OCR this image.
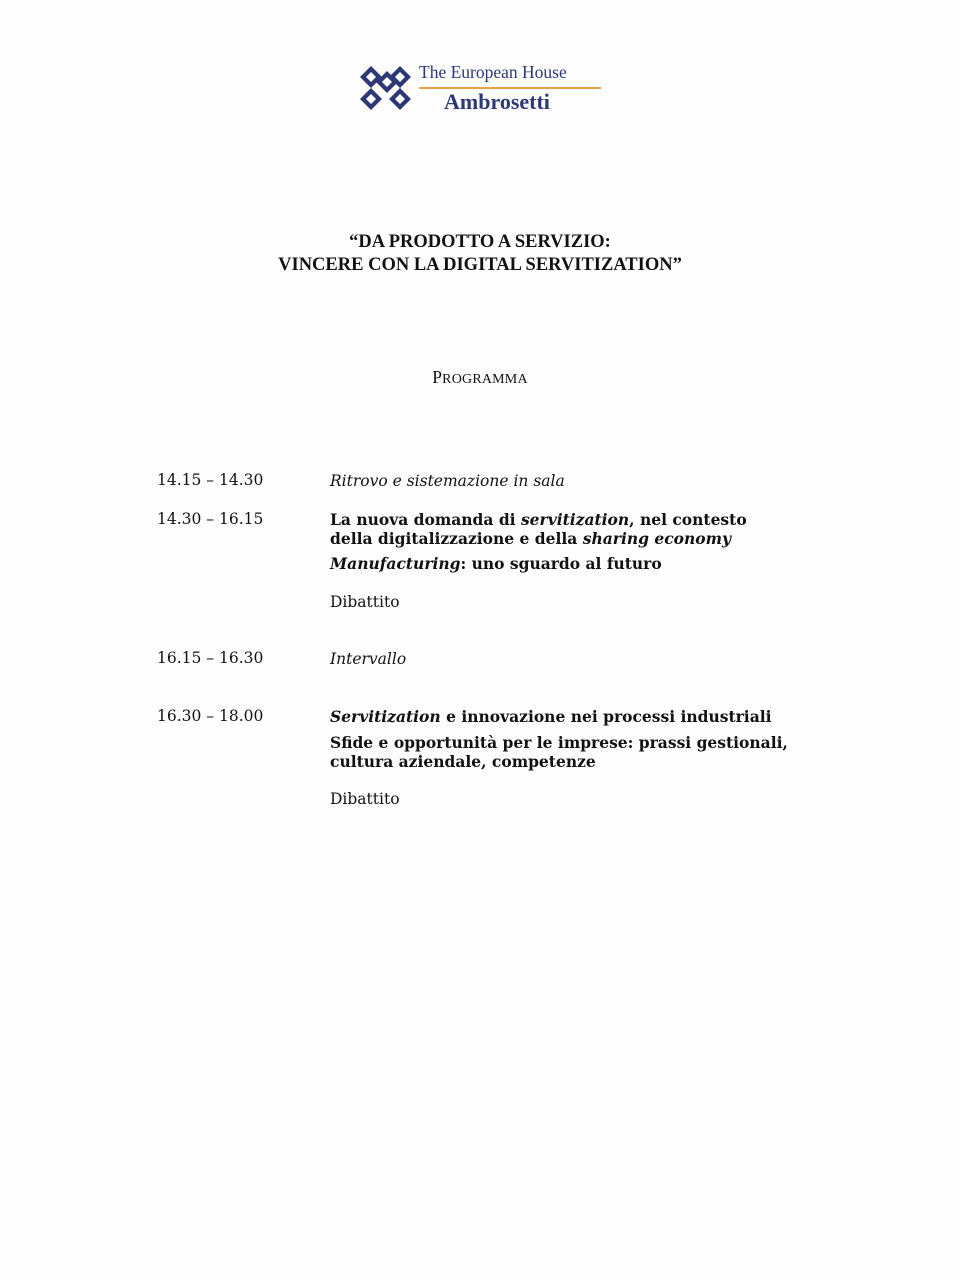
The European House
Ambrosetti
“DA PRODOTTO A SERVIZIO:
VINCERE CON LA DIGITAL SERVITIZATION”
PROGRAMMA
14.15 – 14.30	Ritrovo e sistemazione in sala
14.30 – 16.15	La nuova domanda di servitization, nel contesto
della digitalizzazione e della sharing economy
Manufacturing: uno sguardo al futuro
Dibattito
16.15 – 16.30	Intervallo
16.30 – 18.00	Servitization e innovazione nei processi industriali
Sfide e opportunità per le imprese: prassi gestionali,
cultura aziendale, competenze
Dibattito
